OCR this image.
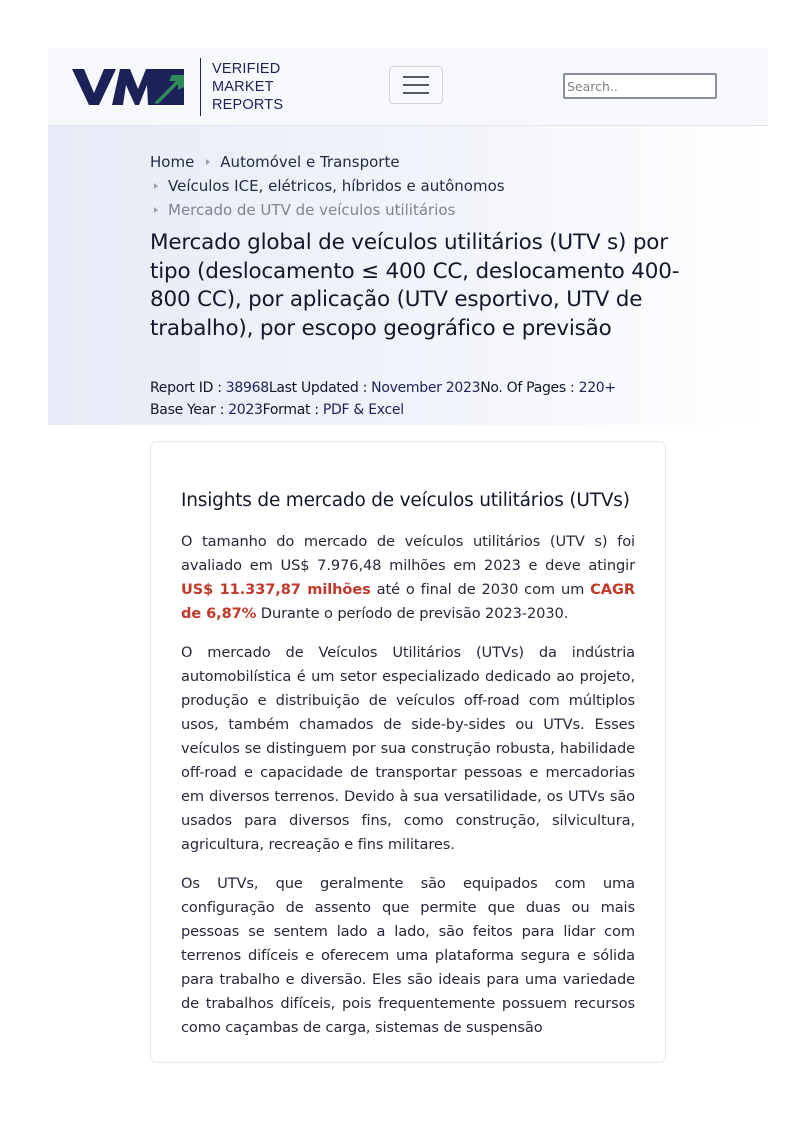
VERIFIED
MARKET
REPORTS
Search..
Home Automóvel e Transporte
Veículos ICE, elétricos, híbridos e autônomos
Mercado de UTV de veículos utilitários
Mercado global de veículos utilitários (UTV s) por tipo (deslocamento ≤ 400 CC, deslocamento 400-800 CC), por aplicação (UTV esportivo, UTV de trabalho), por escopo geográfico e previsão
Report ID : 38968Last Updated : November 2023No. Of Pages : 220+
Base Year : 2023Format : PDF & Excel
Insights de mercado de veículos utilitários (UTVs)

O tamanho do mercado de veículos utilitários (UTV s) foi avaliado em US$ 7.976,48 milhões em 2023 e deve atingir US$ 11.337,87 milhões até o final de 2030 com um CAGR de 6,87% Durante o período de previsão 2023-2030.

O mercado de Veículos Utilitários (UTVs) da indústria automobilística é um setor especializado dedicado ao projeto, produção e distribuição de veículos off-road com múltiplos usos, também chamados de side-by-sides ou UTVs. Esses veículos se distinguem por sua construção robusta, habilidade off-road e capacidade de transportar pessoas e mercadorias em diversos terrenos. Devido à sua versatilidade, os UTVs são usados para diversos fins, como construção, silvicultura, agricultura, recreação e fins militares.

Os UTVs, que geralmente são equipados com uma configuração de assento que permite que duas ou mais pessoas se sentem lado a lado, são feitos para lidar com terrenos difíceis e oferecem uma plataforma segura e sólida para trabalho e diversão. Eles são ideais para uma variedade de trabalhos difíceis, pois frequentemente possuem recursos como caçambas de carga, sistemas de suspensão
